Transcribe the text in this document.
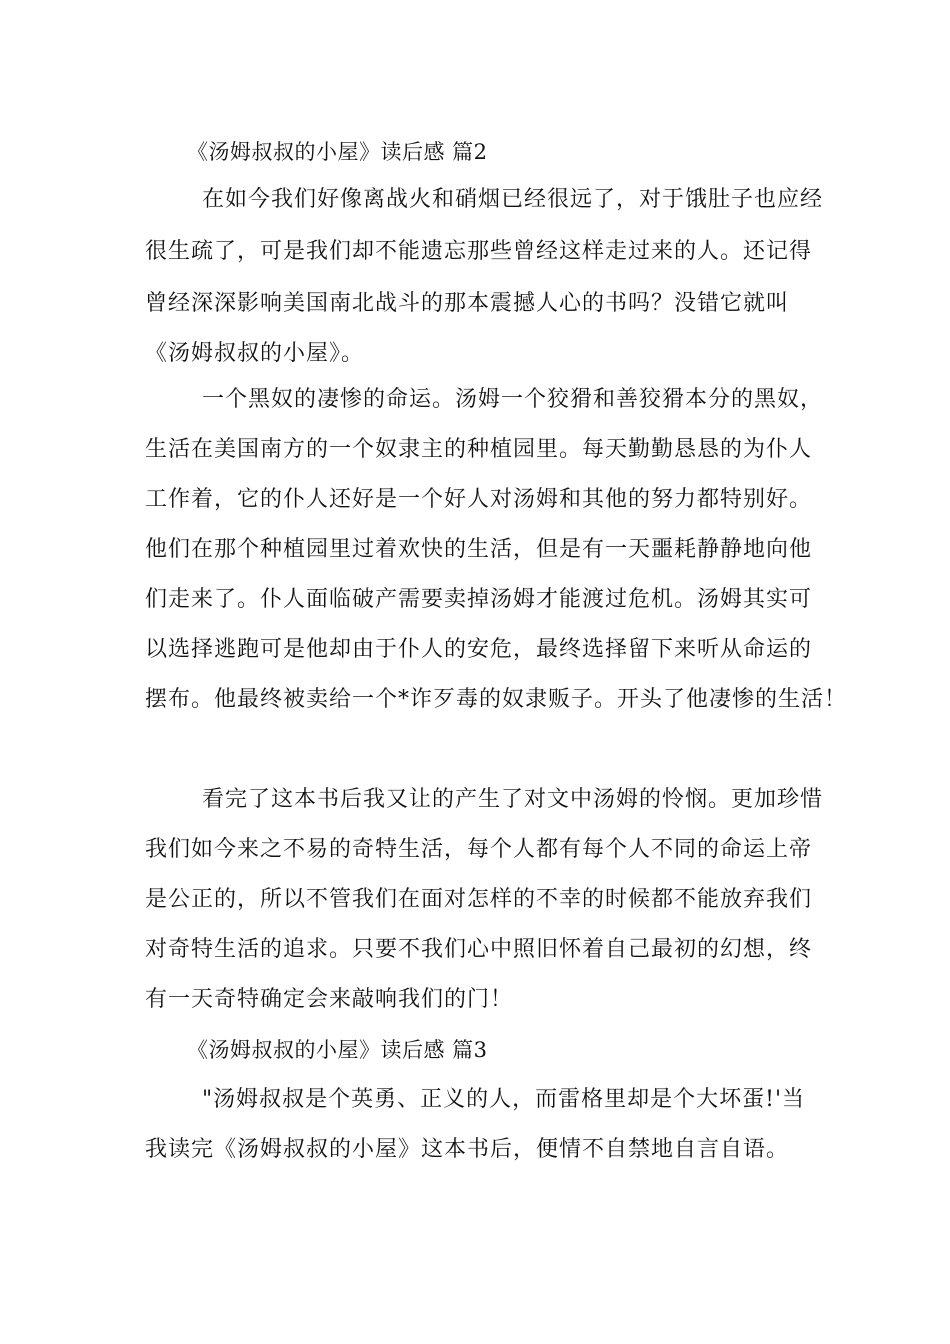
《汤姆叔叔的小屋》读后感 篇2

在如今我们好像离战火和硝烟已经很远了，对于饿肚子也应经

很生疏了，可是我们却不能遗忘那些曾经这样走过来的人。还记得

曾经深深影响美国南北战斗的那本震撼人心的书吗？没错它就叫

《汤姆叔叔的小屋》。

一个黑奴的凄惨的命运。汤姆一个狡猾和善狡猾本分的黑奴，

生活在美国南方的一个奴隶主的种植园里。每天勤勤恳恳的为仆人

工作着，它的仆人还好是一个好人对汤姆和其他的努力都特别好。

他们在那个种植园里过着欢快的生活，但是有一天噩耗静静地向他

们走来了。仆人面临破产需要卖掉汤姆才能渡过危机。汤姆其实可

以选择逃跑可是他却由于仆人的安危，最终选择留下来听从命运的

摆布。他最终被卖给一个*诈歹毒的奴隶贩子。开头了他凄惨的生活！

看完了这本书后我又让的产生了对文中汤姆的怜悯。更加珍惜

我们如今来之不易的奇特生活，每个人都有每个人不同的命运上帝

是公正的，所以不管我们在面对怎样的不幸的时候都不能放弃我们

对奇特生活的追求。只要不我们心中照旧怀着自己最初的幻想，终

有一天奇特确定会来敲响我们的门！

《汤姆叔叔的小屋》读后感 篇3

"汤姆叔叔是个英勇、正义的人，而雷格里却是个大坏蛋!'当

我读完《汤姆叔叔的小屋》这本书后，便情不自禁地自言自语。
